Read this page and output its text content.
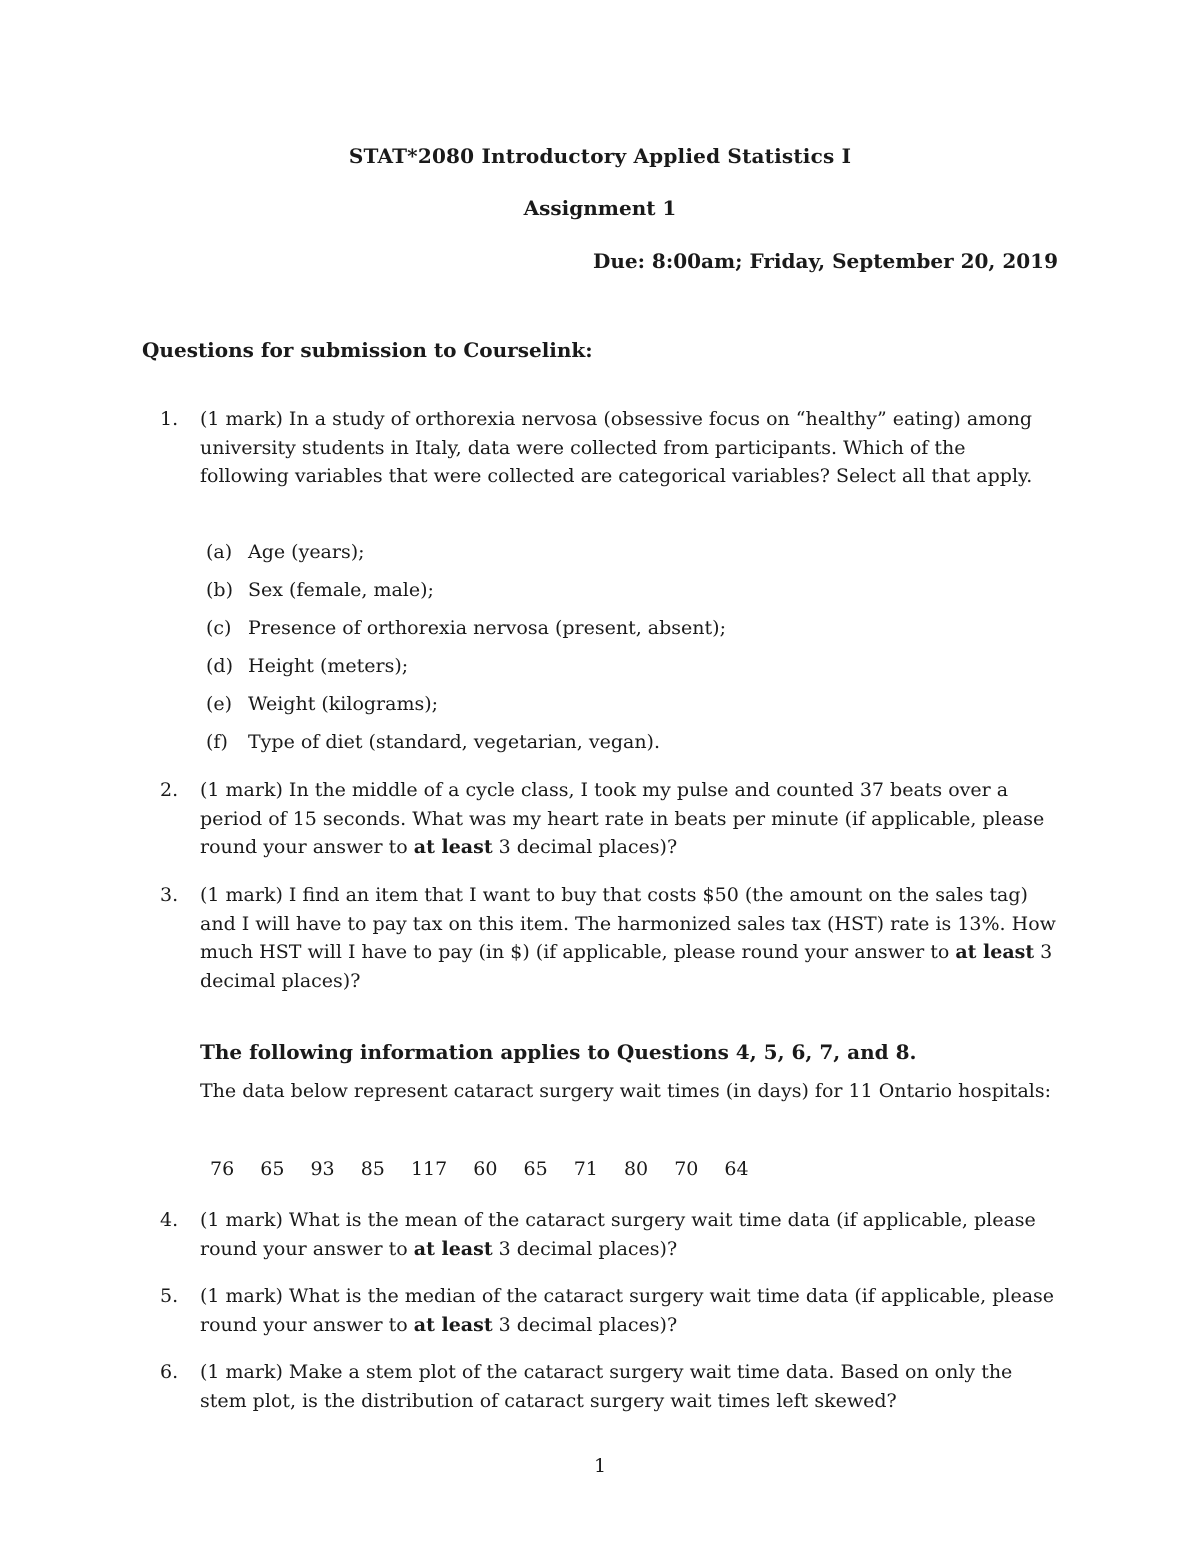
STAT*2080 Introductory Applied Statistics I
Assignment 1
Due: 8:00am; Friday, September 20, 2019
Questions for submission to Courselink:
1. (1 mark) In a study of orthorexia nervosa (obsessive focus on “healthy” eating) among university students in Italy, data were collected from participants. Which of the following variables that were collected are categorical variables? Select all that apply.
(a) Age (years);
(b) Sex (female, male);
(c) Presence of orthorexia nervosa (present, absent);
(d) Height (meters);
(e) Weight (kilograms);
(f) Type of diet (standard, vegetarian, vegan).
2. (1 mark) In the middle of a cycle class, I took my pulse and counted 37 beats over a period of 15 seconds. What was my heart rate in beats per minute (if applicable, please round your answer to at least 3 decimal places)?
3. (1 mark) I find an item that I want to buy that costs $50 (the amount on the sales tag) and I will have to pay tax on this item. The harmonized sales tax (HST) rate is 13%. How much HST will I have to pay (in $) (if applicable, please round your answer to at least 3 decimal places)?
The following information applies to Questions 4, 5, 6, 7, and 8.
The data below represent cataract surgery wait times (in days) for 11 Ontario hospitals:
76 65 93 85 117 60 65 71 80 70 64
4. (1 mark) What is the mean of the cataract surgery wait time data (if applicable, please round your answer to at least 3 decimal places)?
5. (1 mark) What is the median of the cataract surgery wait time data (if applicable, please round your answer to at least 3 decimal places)?
6. (1 mark) Make a stem plot of the cataract surgery wait time data. Based on only the stem plot, is the distribution of cataract surgery wait times left skewed?
1
